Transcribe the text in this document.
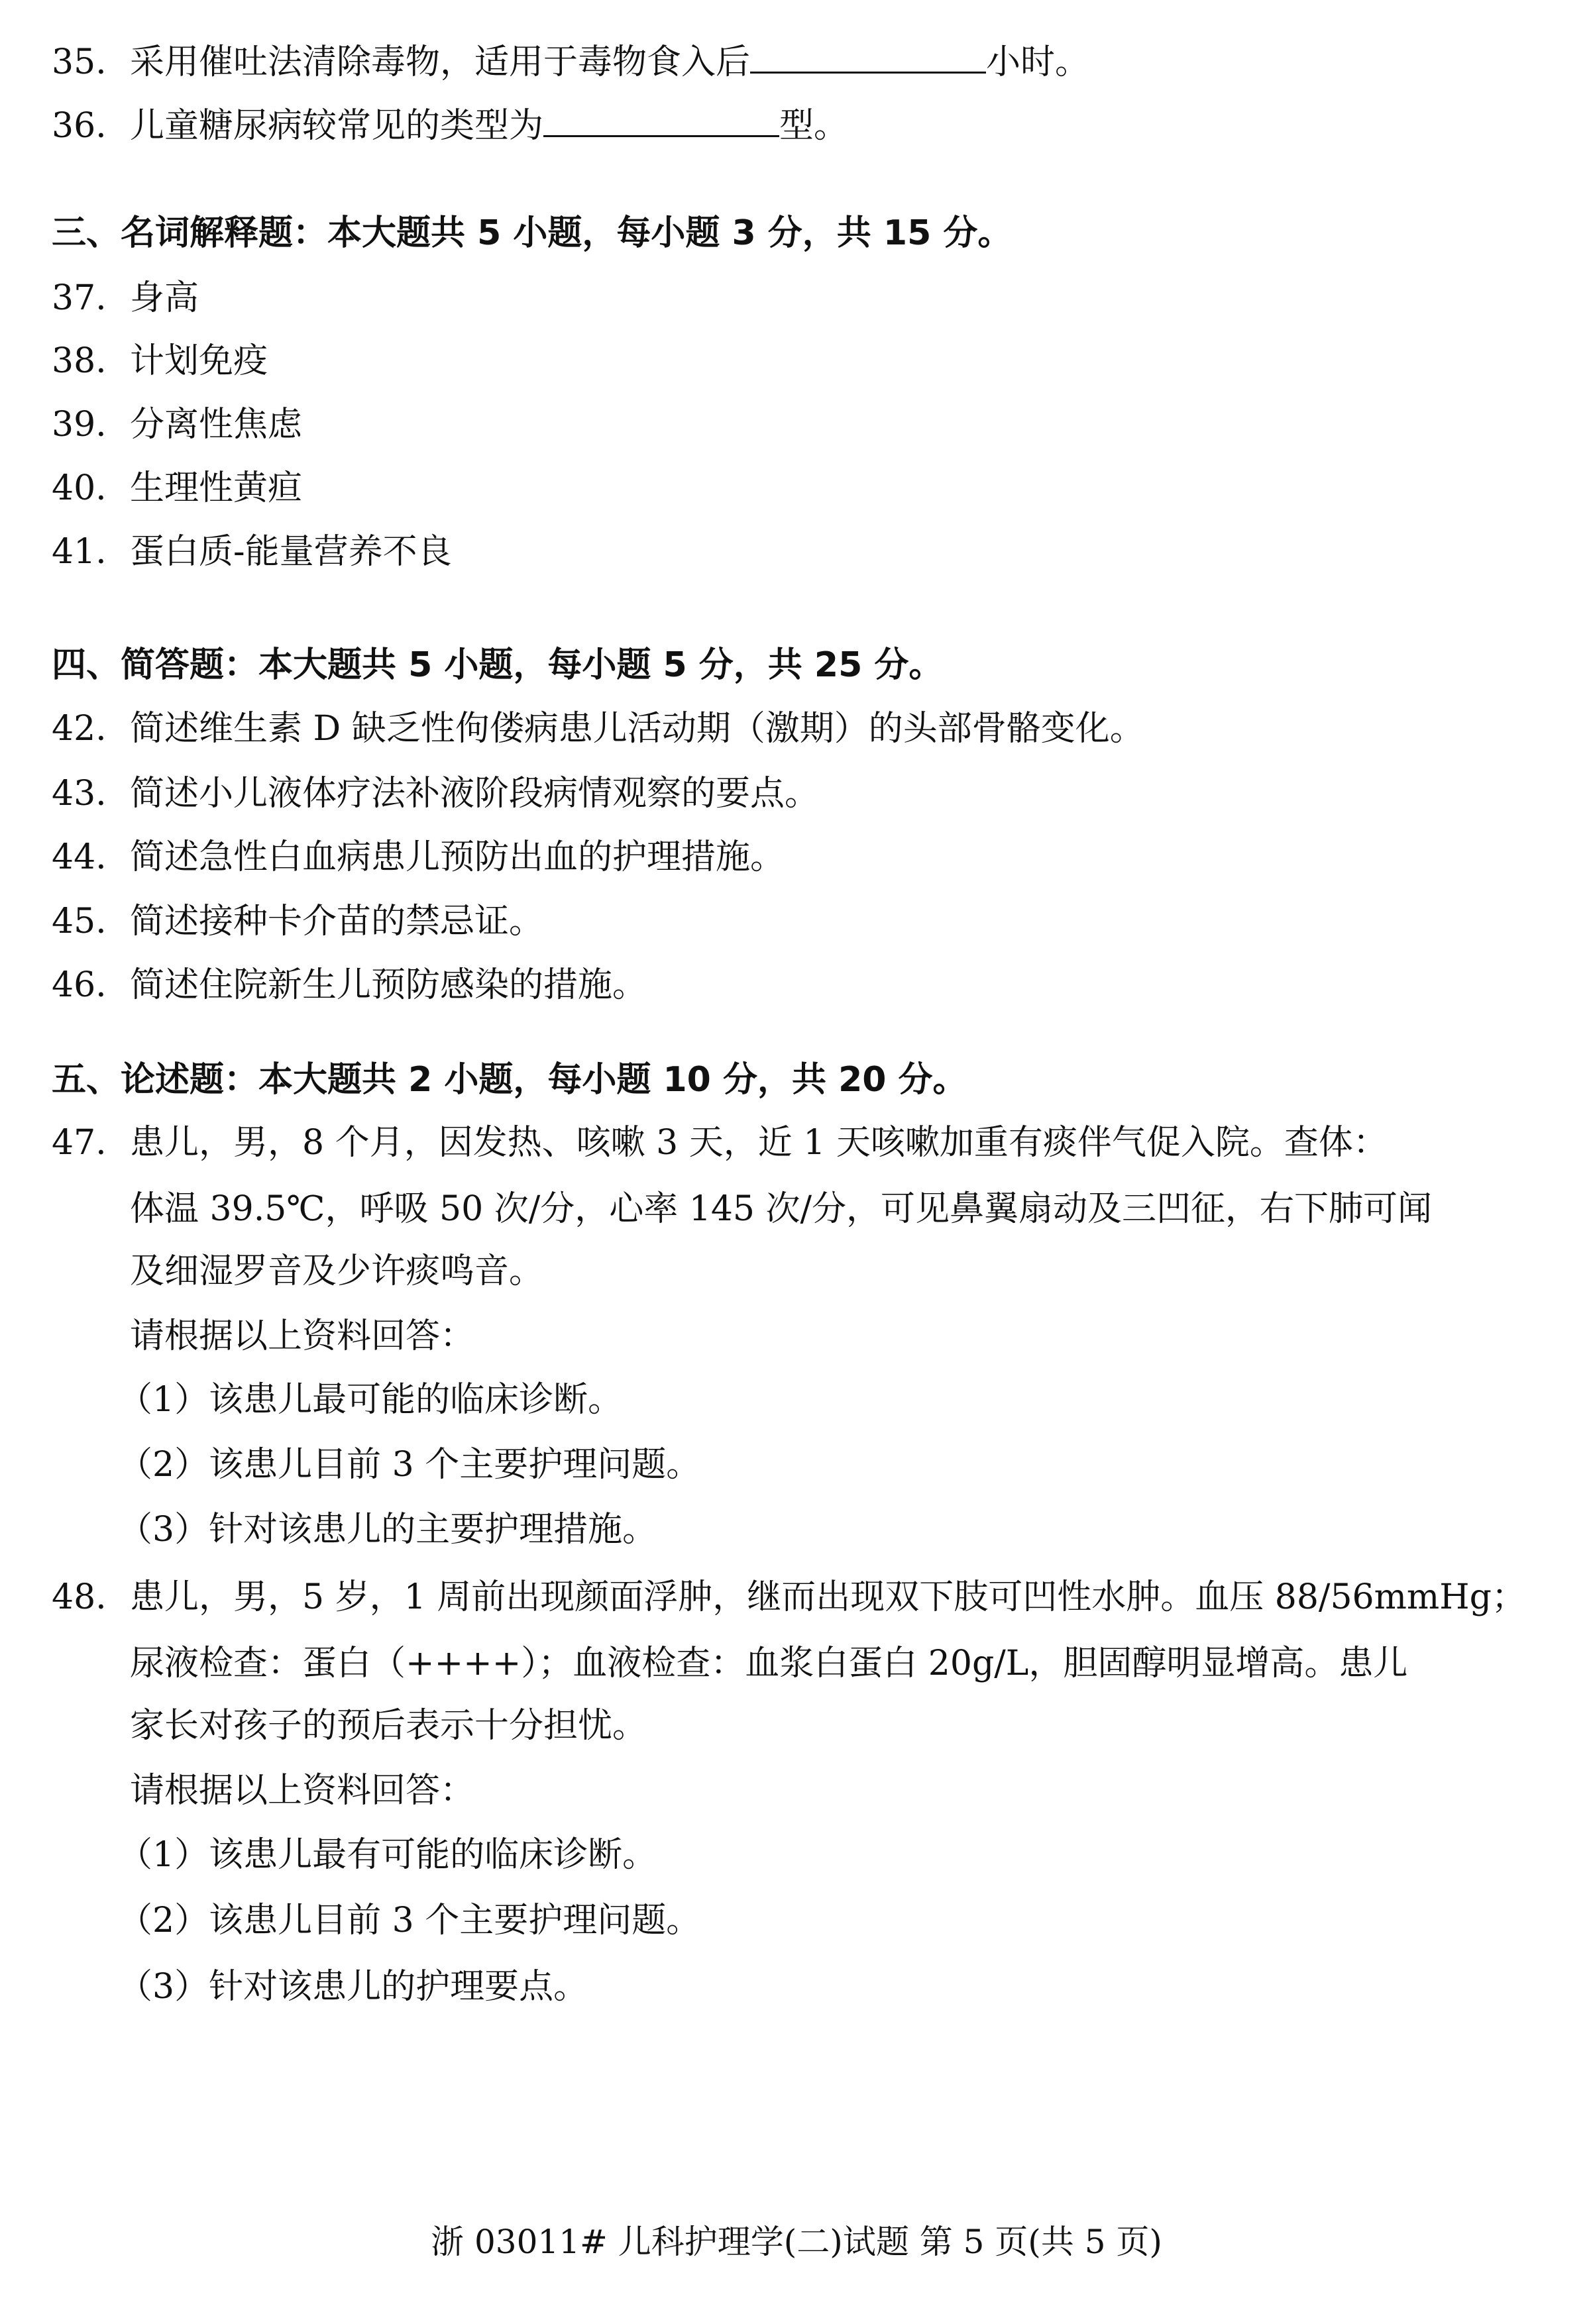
35. 采用催吐法清除毒物，适用于毒物食入后	小时。
36. 儿童糖尿病较常见的类型为	型。
三、名词解释题：本大题共 5 小题，每小题 3 分，共 15 分。
37. 身高
38. 计划免疫
39. 分离性焦虑
40. 生理性黄疸
41. 蛋白质-能量营养不良
四、简答题：本大题共 5 小题，每小题 5 分，共 25 分。
42. 简述维生素 D 缺乏性佝偻病患儿活动期（激期）的头部骨骼变化。
43. 简述小儿液体疗法补液阶段病情观察的要点。
44. 简述急性白血病患儿预防出血的护理措施。
45. 简述接种卡介苗的禁忌证。
46. 简述住院新生儿预防感染的措施。
五、论述题：本大题共 2 小题，每小题 10 分，共 20 分。
47. 患儿，男，8 个月，因发热、咳嗽 3 天，近 1 天咳嗽加重有痰伴气促入院。查体：
体温 39.5℃，呼吸 50 次/分，心率 145 次/分，可见鼻翼扇动及三凹征，右下肺可闻
及细湿罗音及少许痰鸣音。
请根据以上资料回答：
（1）该患儿最可能的临床诊断。
（2）该患儿目前 3 个主要护理问题。
（3）针对该患儿的主要护理措施。
48. 患儿，男，5 岁，1 周前出现颜面浮肿，继而出现双下肢可凹性水肿。血压 88/56mmHg；
尿液检查：蛋白（++++）；血液检查：血浆白蛋白 20g/L，胆固醇明显增高。患儿
家长对孩子的预后表示十分担忧。
请根据以上资料回答：
（1）该患儿最有可能的临床诊断。
（2）该患儿目前 3 个主要护理问题。
（3）针对该患儿的护理要点。
浙 03011# 儿科护理学(二)试题 第 5 页(共 5 页)
